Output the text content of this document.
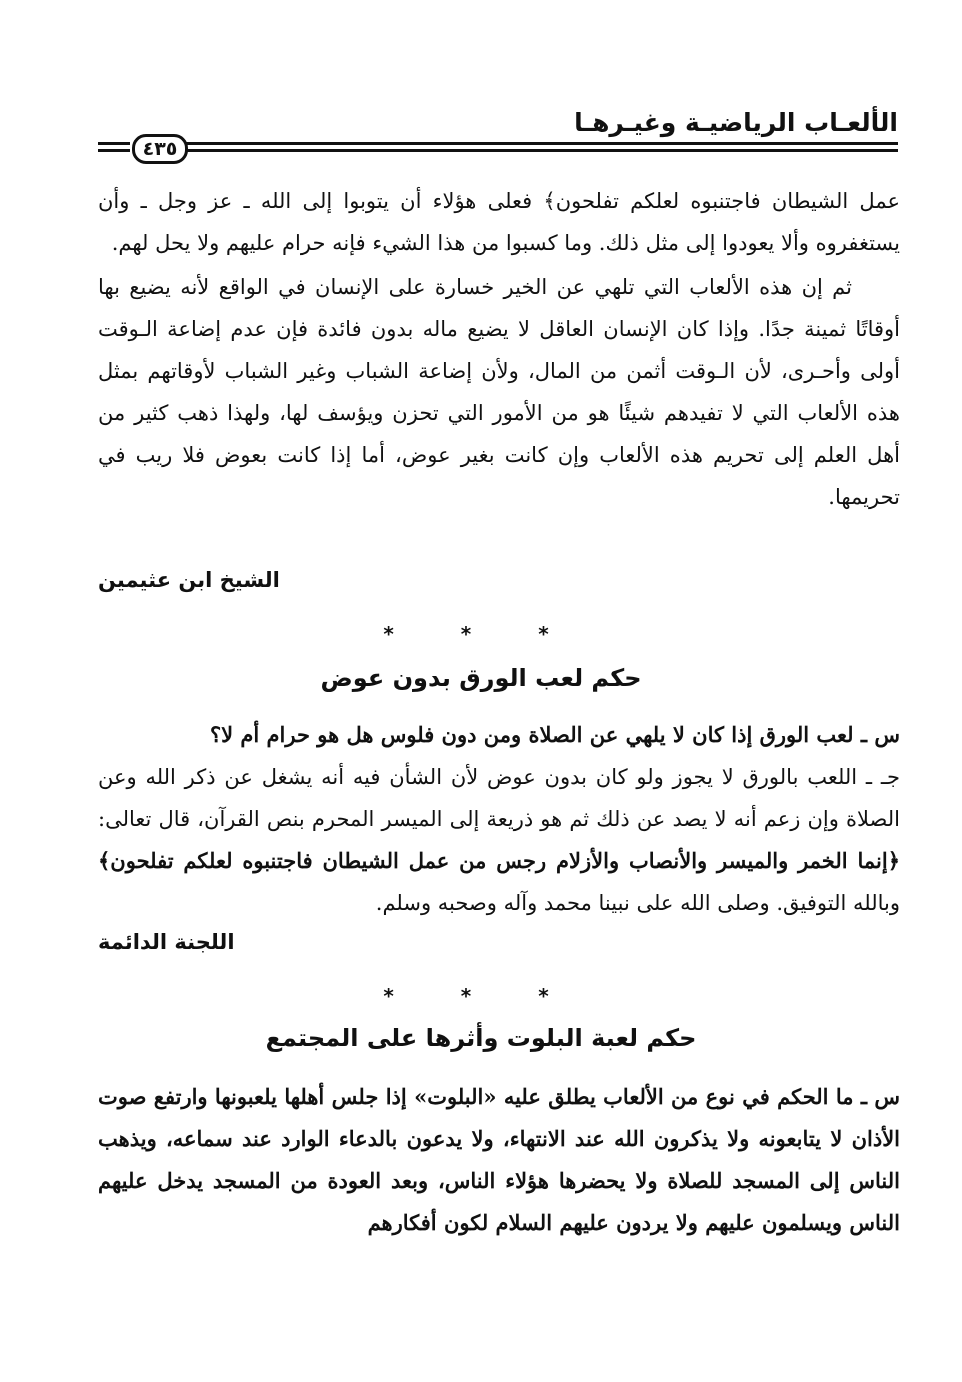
الألعـاب الرياضيـة وغيـرهـا
٤٣٥

عمل الشيطان فاجتنبوه لعلكم تفلحون﴾ فعلى هؤلاء أن يتوبوا إلى الله ـ عز وجل ـ وأن يستغفروه وألا يعودوا إلى مثل ذلك. وما كسبوا من هذا الشيء فإنه حرام عليهم ولا يحل لهم.

ثم إن هذه الألعاب التي تلهي عن الخير خسارة على الإنسان في الواقع لأنه يضيع بها أوقاتًا ثمينة جدًا. وإذا كان الإنسان العاقل لا يضيع ماله بدون فائدة فإن عدم إضاعة الـوقت أولى وأحـرى، لأن الـوقت أثمن من المال، ولأن إضاعة الشباب وغير الشباب لأوقاتهم بمثل هذه الألعاب التي لا تفيدهم شيئًا هو من الأمور التي تحزن ويؤسف لها، ولهذا ذهب كثير من أهل العلم إلى تحريم هذه الألعاب وإن كانت بغير عوض، أما إذا كانت بعوض فلا ريب في تحريمها.

الشيخ ابن عثيمين
* * *
حكم لعب الورق بدون عوض

س ـ لعب الورق إذا كان لا يلهي عن الصلاة ومن دون فلوس هل هو حرام أم لا؟

جـ ـ اللعب بالورق لا يجوز ولو كان بدون عوض لأن الشأن فيه أنه يشغل عن ذكر الله وعن الصلاة وإن زعم أنه لا يصد عن ذلك ثم هو ذريعة إلى الميسر المحرم بنص القرآن، قال تعالى: ﴿إنما الخمر والميسر والأنصاب والأزلام رجس من عمل الشيطان فاجتنبوه لعلكم تفلحون﴾ وبالله التوفيق. وصلى الله على نبينا محمد وآله وصحبه وسلم.

اللجنة الدائمة
* * *
حكم لعبة البلوت وأثرها على المجتمع

س ـ ما الحكم في نوع من الألعاب يطلق عليه «البلوت» إذا جلس أهلها يلعبونها وارتفع صوت الأذان لا يتابعونه ولا يذكرون الله عند الانتهاء، ولا يدعون بالدعاء الوارد عند سماعه، ويذهب الناس إلى المسجد للصلاة ولا يحضرها هؤلاء الناس، وبعد العودة من المسجد يدخل عليهم الناس ويسلمون عليهم ولا يردون عليهم السلام لكون أفكارهم
